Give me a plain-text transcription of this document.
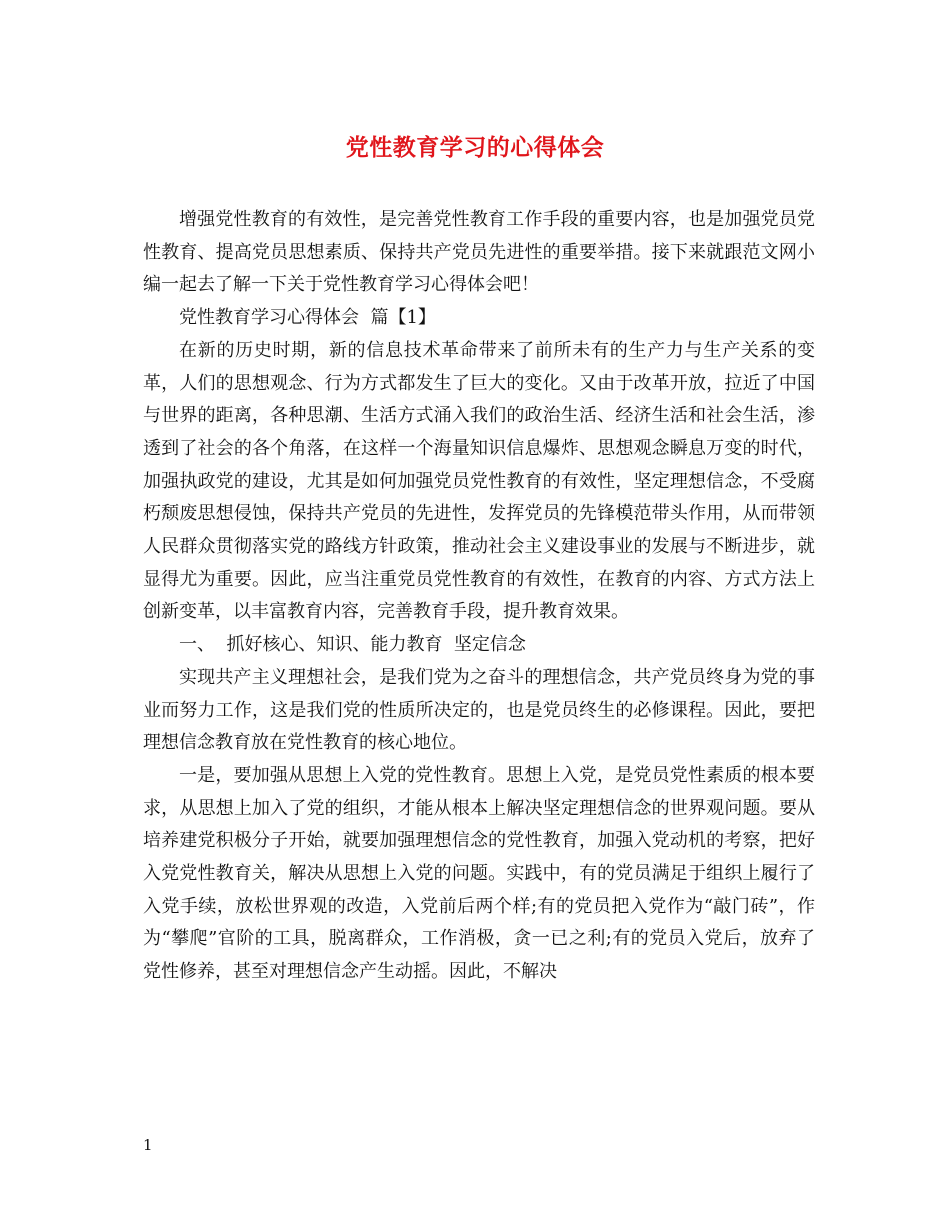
党性教育学习的心得体会

增强党性教育的有效性，是完善党性教育工作手段的重要内容，也是加强党员党性教育、提高党员思想素质、保持共产党员先进性的重要举措。接下来就跟范文网小编一起去了解一下关于党性教育学习心得体会吧！

党性教育学习心得体会  篇【1】

在新的历史时期，新的信息技术革命带来了前所未有的生产力与生产关系的变革，人们的思想观念、行为方式都发生了巨大的变化。又由于改革开放，拉近了中国与世界的距离，各种思潮、生活方式涌入我们的政治生活、经济生活和社会生活，渗透到了社会的各个角落，在这样一个海量知识信息爆炸、思想观念瞬息万变的时代，加强执政党的建设，尤其是如何加强党员党性教育的有效性，坚定理想信念，不受腐朽颓废思想侵蚀，保持共产党员的先进性，发挥党员的先锋模范带头作用，从而带领人民群众贯彻落实党的路线方针政策，推动社会主义建设事业的发展与不断进步，就显得尤为重要。因此，应当注重党员党性教育的有效性，在教育的内容、方式方法上创新变革，以丰富教育内容，完善教育手段，提升教育效果。

一、  抓好核心、知识、能力教育  坚定信念

实现共产主义理想社会，是我们党为之奋斗的理想信念，共产党员终身为党的事业而努力工作，这是我们党的性质所决定的，也是党员终生的必修课程。因此，要把理想信念教育放在党性教育的核心地位。

一是，要加强从思想上入党的党性教育。思想上入党，是党员党性素质的根本要求，从思想上加入了党的组织，才能从根本上解决坚定理想信念的世界观问题。要从培养建党积极分子开始，就要加强理想信念的党性教育，加强入党动机的考察，把好入党党性教育关，解决从思想上入党的问题。实践中，有的党员满足于组织上履行了入党手续，放松世界观的改造，入党前后两个样;有的党员把入党作为“敲门砖”，作为“攀爬”官阶的工具，脱离群众，工作消极，贪一已之利;有的党员入党后，放弃了党性修养，甚至对理想信念产生动摇。因此，不解决

1
